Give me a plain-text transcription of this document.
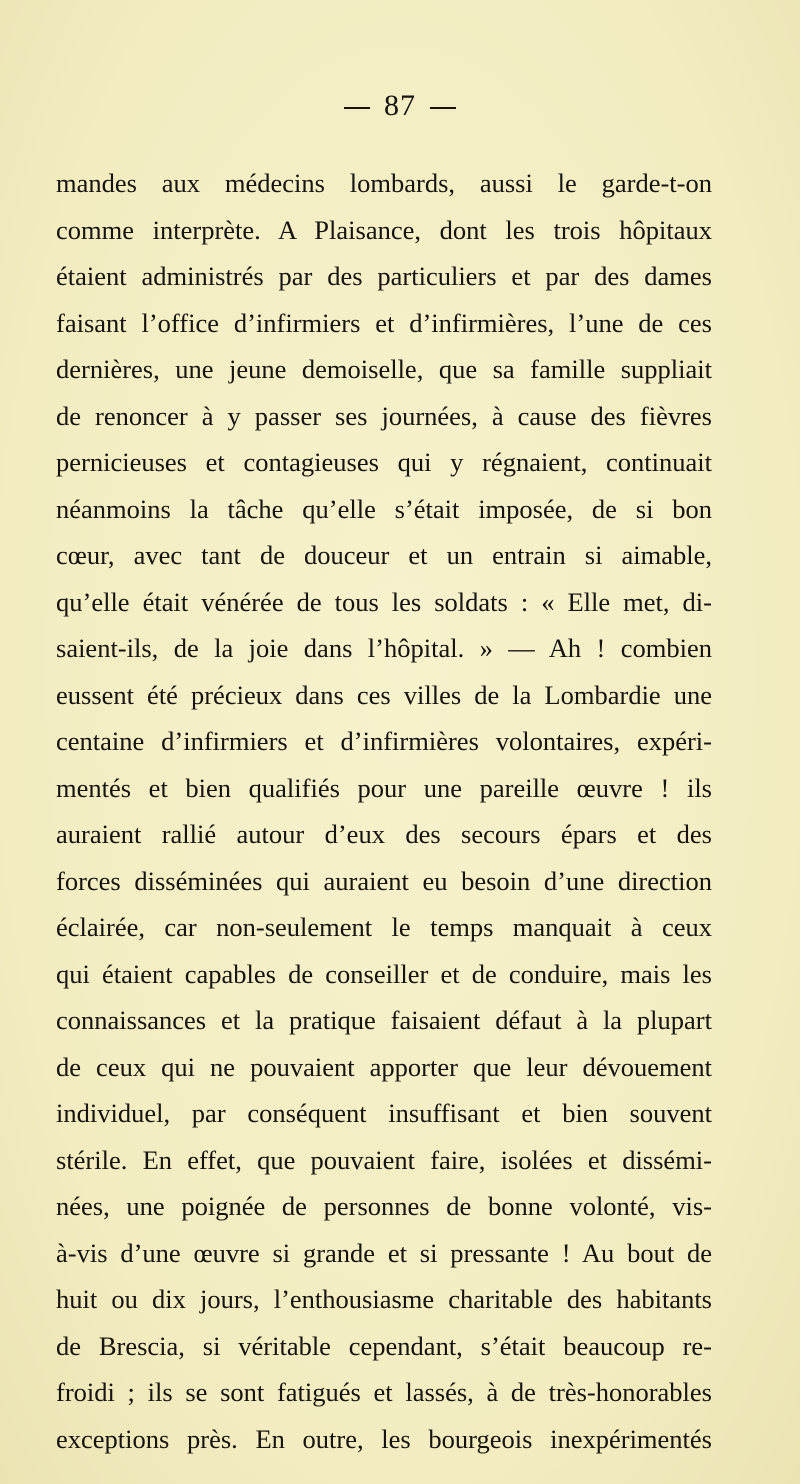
87
mandes aux médecins lombards, aussi le garde-t-on
comme interprète. A Plaisance, dont les trois hôpitaux
étaient administrés par des particuliers et par des dames
faisant l’office d’infirmiers et d’infirmières, l’une de ces
dernières, une jeune demoiselle, que sa famille suppliait
de renoncer à y passer ses journées, à cause des fièvres
pernicieuses et contagieuses qui y régnaient, continuait
néanmoins la tâche qu’elle s’était imposée, de si bon
cœur, avec tant de douceur et un entrain si aimable,
qu’elle était vénérée de tous les soldats : « Elle met, di-
saient-ils, de la joie dans l’hôpital. » — Ah ! combien
eussent été précieux dans ces villes de la Lombardie une
centaine d’infirmiers et d’infirmières volontaires, expéri-
mentés et bien qualifiés pour une pareille œuvre ! ils
auraient rallié autour d’eux des secours épars et des
forces disséminées qui auraient eu besoin d’une direction
éclairée, car non-seulement le temps manquait à ceux
qui étaient capables de conseiller et de conduire, mais les
connaissances et la pratique faisaient défaut à la plupart
de ceux qui ne pouvaient apporter que leur dévouement
individuel, par conséquent insuffisant et bien souvent
stérile. En effet, que pouvaient faire, isolées et dissémi-
nées, une poignée de personnes de bonne volonté, vis-
à-vis d’une œuvre si grande et si pressante ! Au bout de
huit ou dix jours, l’enthousiasme charitable des habitants
de Brescia, si véritable cependant, s’était beaucoup re-
froidi ; ils se sont fatigués et lassés, à de très-honorables
exceptions près. En outre, les bourgeois inexpérimentés
